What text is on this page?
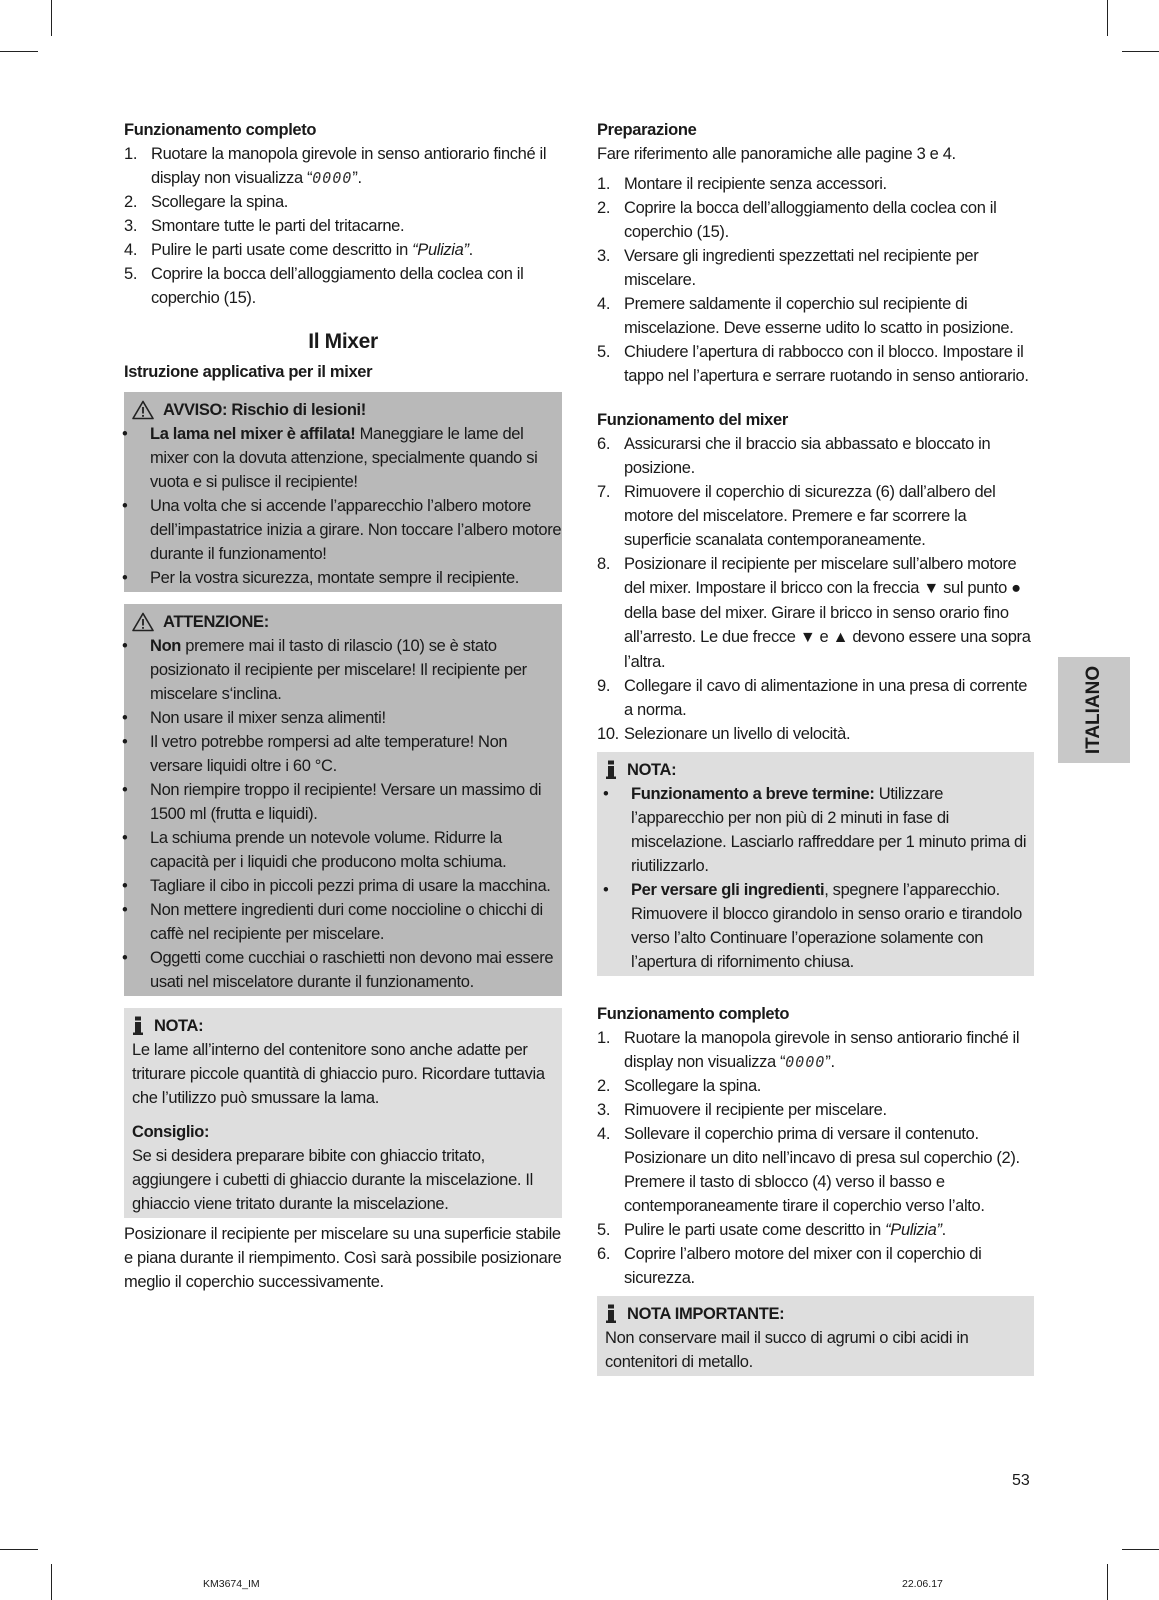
Funzionamento completo

1. Ruotare la manopola girevole in senso antiorario finché il display non visualizza “0000”.
2. Scollegare la spina.
3. Smontare tutte le parti del tritacarne.
4. Pulire le parti usate come descritto in “Pulizia”.
5. Coprire la bocca dell’alloggiamento della coclea con il coperchio (15).
Il Mixer

Istruzione applicativa per il mixer

AVVISO: Rischio di lesioni!
• La lama nel mixer è affilata! Maneggiare le lame del mixer con la dovuta attenzione, specialmente quando si vuota e si pulisce il recipiente!
• Una volta che si accende l’apparecchio l’albero motore dell’impastatrice inizia a girare. Non toccare l’albero motore durante il funzionamento!
• Per la vostra sicurezza, montate sempre il recipiente.
ATTENZIONE:
• Non premere mai il tasto di rilascio (10) se è stato posizionato il recipiente per miscelare! Il recipiente per miscelare s‘inclina.
• Non usare il mixer senza alimenti!
• Il vetro potrebbe rompersi ad alte temperature! Non versare liquidi oltre i 60 °C.
• Non riempire troppo il recipiente! Versare un massimo di 1500 ml (frutta e liquidi).
• La schiuma prende un notevole volume. Ridurre la capacità per i liquidi che producono molta schiuma.
• Tagliare il cibo in piccoli pezzi prima di usare la macchina.
• Non mettere ingredienti duri come noccioline o chicchi di caffè nel recipiente per miscelare.
• Oggetti come cucchiai o raschietti non devono mai essere usati nel miscelatore durante il funzionamento.
NOTA:
Le lame all’interno del contenitore sono anche adatte per triturare piccole quantità di ghiaccio puro. Ricordare tuttavia che l’utilizzo può smussare la lama.
Consiglio:
Se si desidera preparare bibite con ghiaccio tritato, aggiungere i cubetti di ghiaccio durante la miscelazione. Il ghiaccio viene tritato durante la miscelazione.

Posizionare il recipiente per miscelare su una superficie stabile e piana durante il riempimento. Così sarà possibile posizionare meglio il coperchio successivamente.

Preparazione

Fare riferimento alle panoramiche alle pagine 3 e 4.

1. Montare il recipiente senza accessori.
2. Coprire la bocca dell’alloggiamento della coclea con il coperchio (15).
3. Versare gli ingredienti spezzettati nel recipiente per miscelare.
4. Premere saldamente il coperchio sul recipiente di miscelazione. Deve esserne udito lo scatto in posizione.
5. Chiudere l’apertura di rabbocco con il blocco. Impostare il tappo nel l’apertura e serrare ruotando in senso antiorario.

Funzionamento del mixer

6. Assicurarsi che il braccio sia abbassato e bloccato in posizione.
7. Rimuovere il coperchio di sicurezza (6) dall’albero del motore del miscelatore. Premere e far scorrere la superficie scanalata contemporaneamente.
8. Posizionare il recipiente per miscelare sull’albero motore del mixer. Impostare il bricco con la freccia ▼ sul punto ● della base del mixer. Girare il bricco in senso orario fino all’arresto. Le due frecce ▼ e ▲ devono essere una sopra l’altra.
9. Collegare il cavo di alimentazione in una presa di corrente a norma.
10. Selezionare un livello di velocità.
NOTA:
• Funzionamento a breve termine: Utilizzare l’apparecchio per non più di 2 minuti in fase di miscelazione. Lasciarlo raffreddare per 1 minuto prima di riutilizzarlo.
• Per versare gli ingredienti, spegnere l’apparecchio. Rimuovere il blocco girandolo in senso orario e tirandolo verso l’alto Continuare l’operazione solamente con l’apertura di rifornimento chiusa.

Funzionamento completo

1. Ruotare la manopola girevole in senso antiorario finché il display non visualizza “0000”.
2. Scollegare la spina.
3. Rimuovere il recipiente per miscelare.
4. Sollevare il coperchio prima di versare il contenuto. Posizionare un dito nell’incavo di presa sul coperchio (2). Premere il tasto di sblocco (4) verso il basso e contemporaneamente tirare il coperchio verso l’alto.
5. Pulire le parti usate come descritto in “Pulizia”.
6. Coprire l’albero motore del mixer con il coperchio di sicurezza.
NOTA IMPORTANTE:
Non conservare mail il succo di agrumi o cibi acidi in contenitori di metallo.
ITALIANO
53
KM3674_IM	22.06.17
